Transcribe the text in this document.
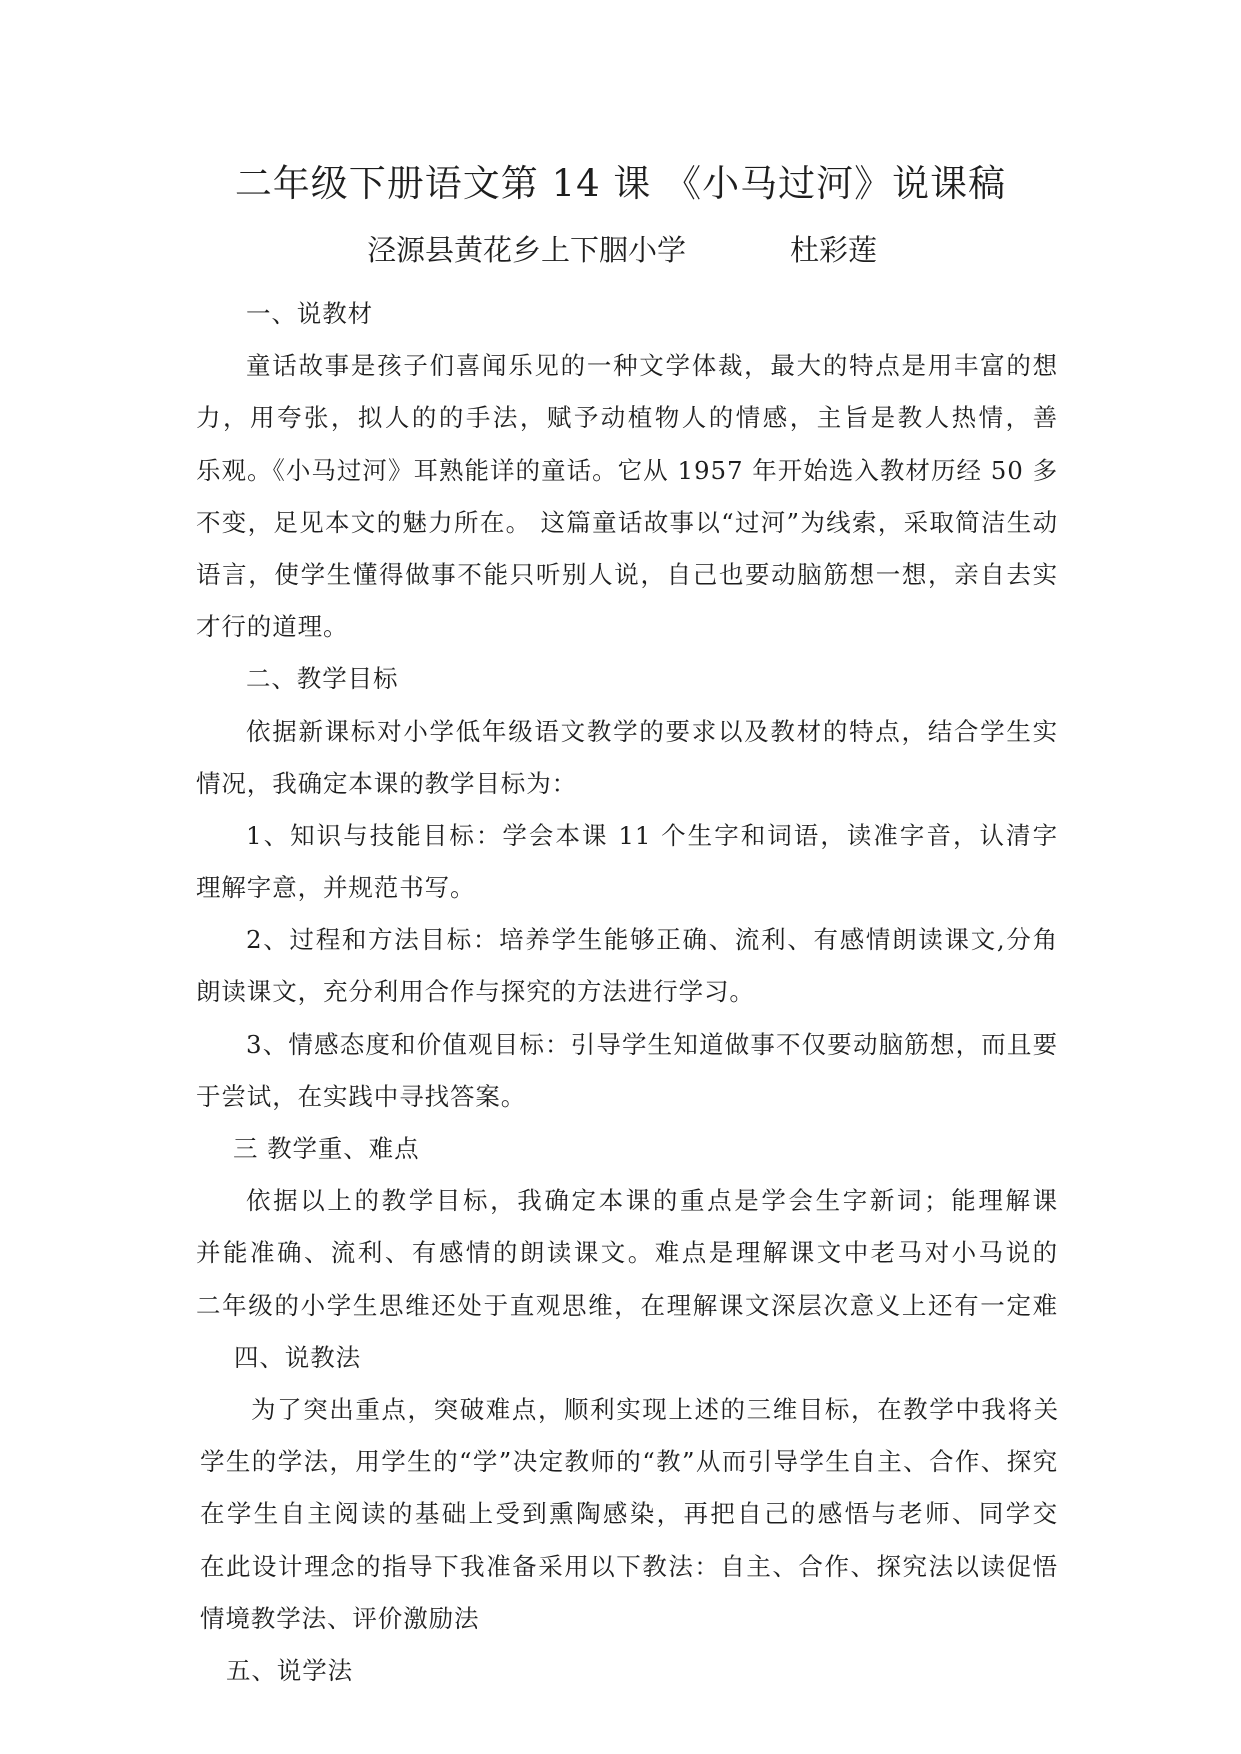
二年级下册语文第 14 课 《小马过河》说课稿
泾源县黄花乡上下胭小学	杜彩莲
一、说教材
童话故事是孩子们喜闻乐见的一种文学体裁，最大的特点是用丰富的想
力，用夸张，拟人的的手法，赋予动植物人的情感，主旨是教人热情，善
乐观。《小马过河》耳熟能详的童话。它从 1957 年开始选入教材历经 50 多
不变，足见本文的魅力所在。 这篇童话故事以“过河”为线索，采取简洁生动
语言，使学生懂得做事不能只听别人说，自己也要动脑筋想一想，亲自去实
才行的道理。
二、教学目标
依据新课标对小学低年级语文教学的要求以及教材的特点，结合学生实
情况，我确定本课的教学目标为：
1、知识与技能目标：学会本课 11 个生字和词语，读准字音，认清字
理解字意，并规范书写。
2、过程和方法目标：培养学生能够正确、流利、有感情朗读课文,分角
朗读课文，充分利用合作与探究的方法进行学习。
3、情感态度和价值观目标：引导学生知道做事不仅要动脑筋想，而且要
于尝试，在实践中寻找答案。
三 教学重、难点
依据以上的教学目标，我确定本课的重点是学会生字新词；能理解课
并能准确、流利、有感情的朗读课文。难点是理解课文中老马对小马说的
二年级的小学生思维还处于直观思维，在理解课文深层次意义上还有一定难
四、说教法
为了突出重点，突破难点，顺利实现上述的三维目标，在教学中我将关
学生的学法，用学生的“学”决定教师的“教”从而引导学生自主、合作、探究
在学生自主阅读的基础上受到熏陶感染，再把自己的感悟与老师、同学交
在此设计理念的指导下我准备采用以下教法：自主、合作、探究法以读促悟
情境教学法、评价激励法
五、说学法
